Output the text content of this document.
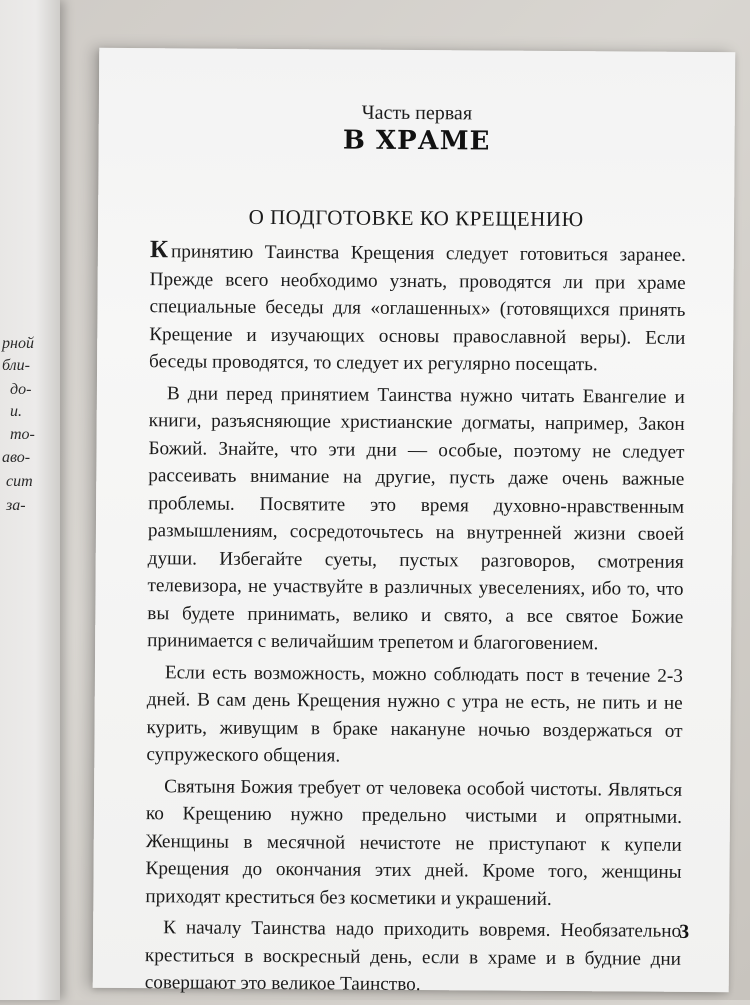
рной
бли-
до-
и.
то-
аво-
сит
за-
Часть первая
В ХРАМЕ
О ПОДГОТОВКЕ КО КРЕЩЕНИЮ

К принятию Таинства Крещения следует готовиться заранее. Прежде всего необходимо узнать, проводятся ли при храме специальные беседы для «оглашенных» (готовящихся принять Крещение и изучающих основы православной веры). Если беседы проводятся, то следует их регулярно посещать.

В дни перед принятием Таинства нужно читать Евангелие и книги, разъясняющие христианские догматы, например, Закон Божий. Знайте, что эти дни — особые, поэтому не следует рассеивать внимание на другие, пусть даже очень важные проблемы. Посвятите это время духовно-нравственным размышлениям, сосредоточьтесь на внутренней жизни своей души. Избегайте суеты, пустых разговоров, смотрения телевизора, не участвуйте в различных увеселениях, ибо то, что вы будете принимать, велико и свято, а все святое Божие принимается с величайшим трепетом и благоговением.

Если есть возможность, можно соблюдать пост в течение 2-3 дней. В сам день Крещения нужно с утра не есть, не пить и не курить, живущим в браке накануне ночью воздержаться от супружеского общения.

Святыня Божия требует от человека особой чистоты. Являться ко Крещению нужно предельно чистыми и опрятными. Женщины в месячной нечистоте не приступают к купели Крещения до окончания этих дней. Кроме того, женщины приходят креститься без косметики и украшений.

К началу Таинства надо приходить вовремя. Необязательно креститься в воскресный день, если в храме и в будние дни совершают это великое Таинство.

3
